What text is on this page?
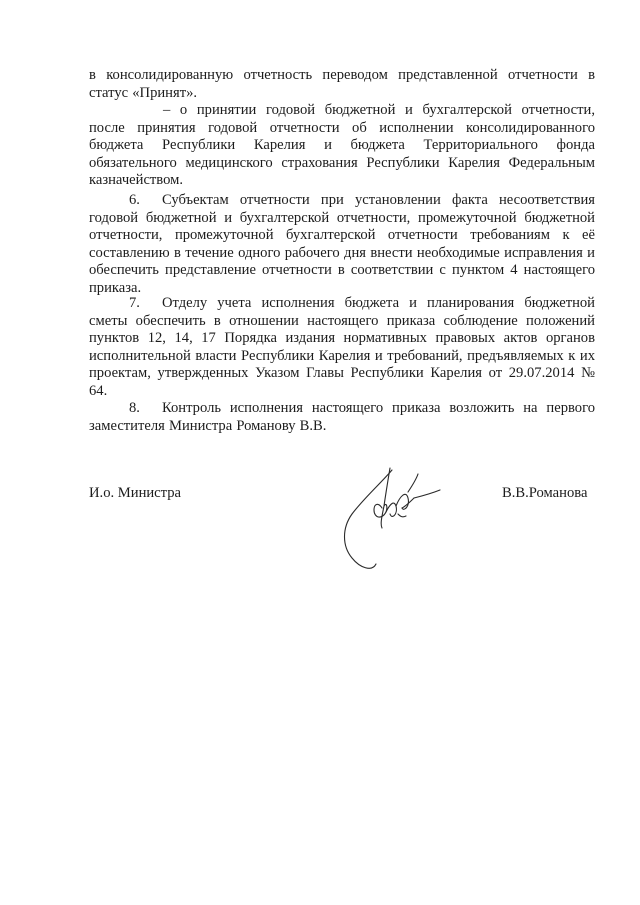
в консолидированную отчетность переводом представленной отчетности в статус «Принят».

– о принятии годовой бюджетной и бухгалтерской отчетности, после принятия годовой отчетности об исполнении консолидированного бюджета Республики Карелия и бюджета Территориального фонда обязательного медицинского страхования Республики Карелия Федеральным казначейством.

6. Субъектам отчетности при установлении факта несоответствия годовой бюджетной и бухгалтерской отчетности, промежуточной бюджетной отчетности, промежуточной бухгалтерской отчетности требованиям к её составлению в течение одного рабочего дня внести необходимые исправления и обеспечить представление отчетности в соответствии с пунктом 4 настоящего приказа.

7. Отделу учета исполнения бюджета и планирования бюджетной сметы обеспечить в отношении настоящего приказа соблюдение положений пунктов 12, 14, 17 Порядка издания нормативных правовых актов органов исполнительной власти Республики Карелия и требований, предъявляемых к их проектам, утвержденных Указом Главы Республики Карелия от 29.07.2014 № 64.

8. Контроль исполнения настоящего приказа возложить на первого заместителя Министра Романову В.В.

И.о. Министра	В.В.Романова
